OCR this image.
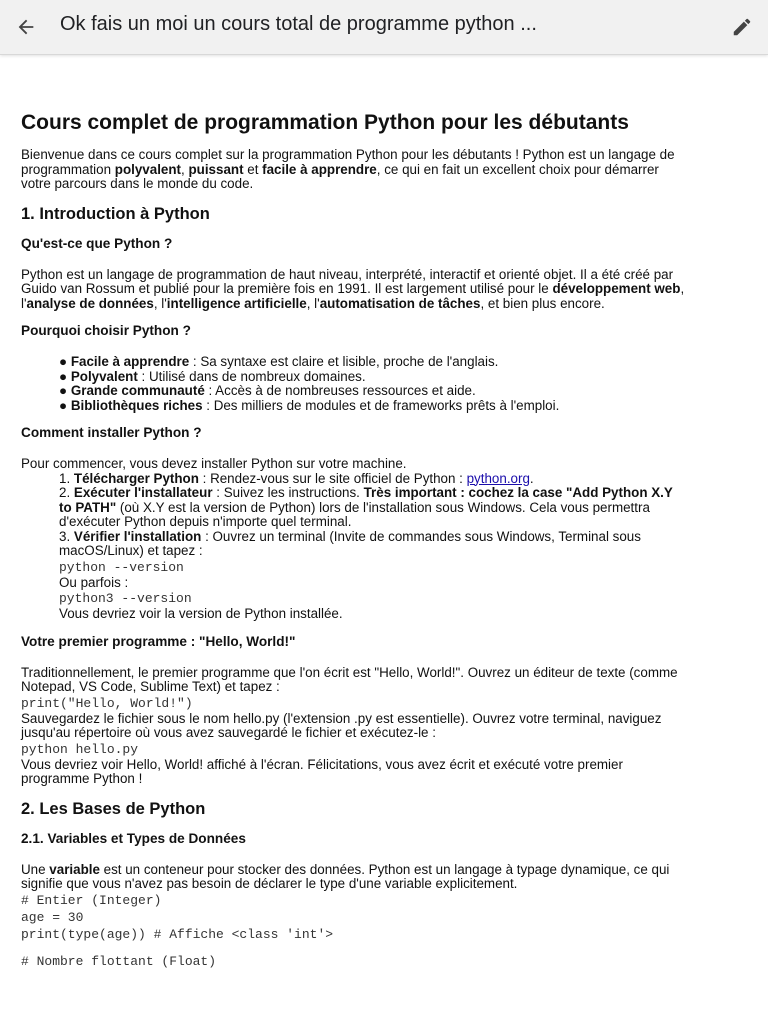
Ok fais un moi un cours total de programme python ...
Cours complet de programmation Python pour les débutants

Bienvenue dans ce cours complet sur la programmation Python pour les débutants ! Python est un langage de programmation polyvalent, puissant et facile à apprendre, ce qui en fait un excellent choix pour démarrer votre parcours dans le monde du code.

1. Introduction à Python
Qu'est-ce que Python ?

Python est un langage de programmation de haut niveau, interprété, interactif et orienté objet. Il a été créé par Guido van Rossum et publié pour la première fois en 1991. Il est largement utilisé pour le développement web, l'analyse de données, l'intelligence artificielle, l'automatisation de tâches, et bien plus encore.

Pourquoi choisir Python ?
● Facile à apprendre : Sa syntaxe est claire et lisible, proche de l'anglais.
● Polyvalent : Utilisé dans de nombreux domaines.
● Grande communauté : Accès à de nombreuses ressources et aide.
● Bibliothèques riches : Des milliers de modules et de frameworks prêts à l'emploi.
Comment installer Python ?

Pour commencer, vous devez installer Python sur votre machine.

1. Télécharger Python : Rendez-vous sur le site officiel de Python : python.org.
2. Exécuter l'installateur : Suivez les instructions. Très important : cochez la case "Add Python X.Y to PATH" (où X.Y est la version de Python) lors de l'installation sous Windows. Cela vous permettra d'exécuter Python depuis n'importe quel terminal.
3. Vérifier l'installation : Ouvrez un terminal (Invite de commandes sous Windows, Terminal sous macOS/Linux) et tapez :
python --version
Ou parfois :
python3 --version
Vous devriez voir la version de Python installée.
Votre premier programme : "Hello, World!"

Traditionnellement, le premier programme que l'on écrit est "Hello, World!". Ouvrez un éditeur de texte (comme Notepad, VS Code, Sublime Text) et tapez :

print("Hello, World!")

Sauvegardez le fichier sous le nom hello.py (l'extension .py est essentielle). Ouvrez votre terminal, naviguez jusqu'au répertoire où vous avez sauvegardé le fichier et exécutez-le :

python hello.py

Vous devriez voir Hello, World! affiché à l'écran. Félicitations, vous avez écrit et exécuté votre premier programme Python !

2. Les Bases de Python
2.1. Variables et Types de Données

Une variable est un conteneur pour stocker des données. Python est un langage à typage dynamique, ce qui signifie que vous n'avez pas besoin de déclarer le type d'une variable explicitement.

# Entier (Integer)
age = 30
print(type(age)) # Affiche <class 'int'>
# Nombre flottant (Float)
